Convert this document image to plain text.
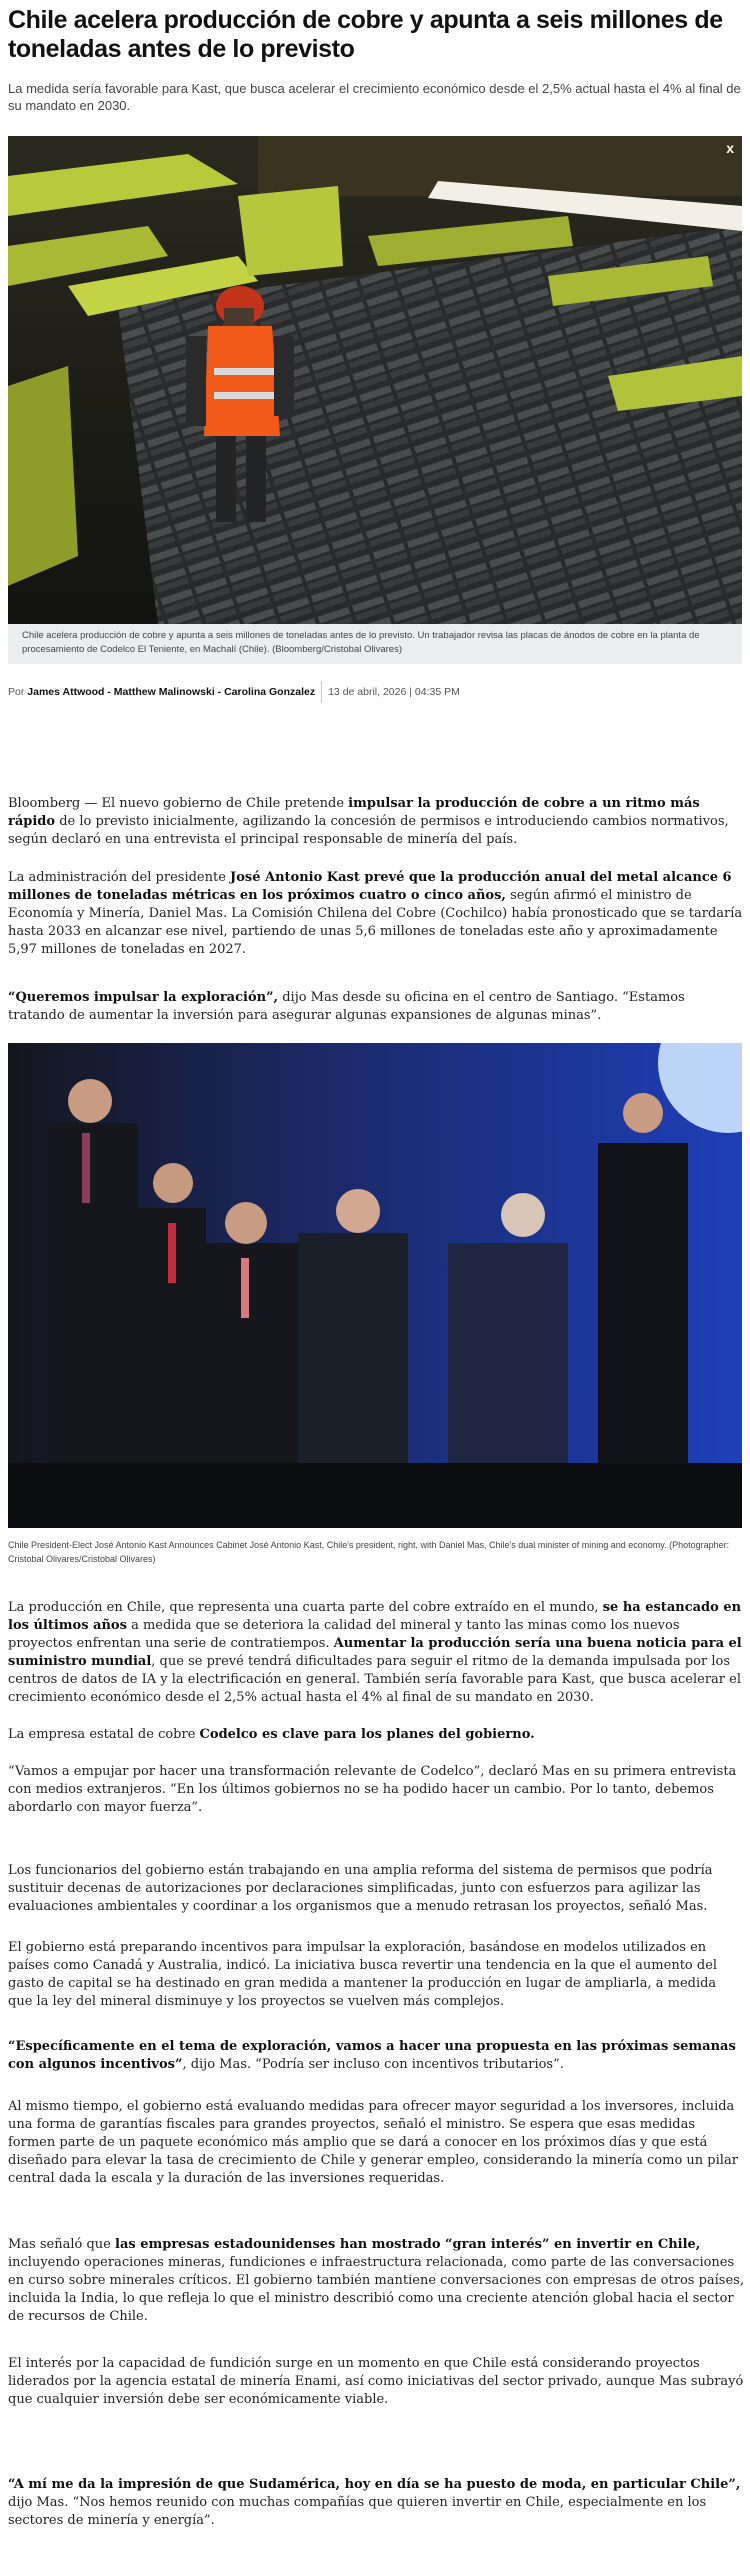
Chile acelera producción de cobre y apunta a seis millones de toneladas antes de lo previsto

La medida sería favorable para Kast, que busca acelerar el crecimiento económico desde el 2,5% actual hasta el 4% al final de su mandato en 2030.

x
Chile acelera producción de cobre y apunta a seis millones de toneladas antes de lo previsto. Un trabajador revisa las placas de ánodos de cobre en la planta de procesamiento de Codelco El Teniente, en Machalí (Chile). (Bloomberg/Cristobal Olivares)
Por
James Attwood - Matthew Malinowski - Carolina Gonzalez 13 de abril, 2026 | 04:35 PM

Bloomberg — El nuevo gobierno de Chile pretende impulsar la producción de cobre a un ritmo más rápido de lo previsto inicialmente, agilizando la concesión de permisos e introduciendo cambios normativos, según declaró en una entrevista el principal responsable de minería del país.

La administración del presidente José Antonio Kast prevé que la producción anual del metal alcance 6 millones de toneladas métricas en los próximos cuatro o cinco años, según afirmó el ministro de Economía y Minería, Daniel Mas. La Comisión Chilena del Cobre (Cochilco) había pronosticado que se tardaría hasta 2033 en alcanzar ese nivel, partiendo de unas 5,6 millones de toneladas este año y aproximadamente 5,97 millones de toneladas en 2027.

“Queremos impulsar la exploración”, dijo Mas desde su oficina en el centro de Santiago. “Estamos tratando de aumentar la inversión para asegurar algunas expansiones de algunas minas”.

Chile President-Elect José Antonio Kast Announces Cabinet José Antonio Kast, Chile's president, right, with Daniel Mas, Chile's dual minister of mining and economy. (Photographer: Cristobal Olivares/Cristobal Olivares)

La producción en Chile, que representa una cuarta parte del cobre extraído en el mundo, se ha estancado en los últimos años a medida que se deteriora la calidad del mineral y tanto las minas como los nuevos proyectos enfrentan una serie de contratiempos. Aumentar la producción sería una buena noticia para el suministro mundial, que se prevé tendrá dificultades para seguir el ritmo de la demanda impulsada por los centros de datos de IA y la electrificación en general. También sería favorable para Kast, que busca acelerar el crecimiento económico desde el 2,5% actual hasta el 4% al final de su mandato en 2030.

La empresa estatal de cobre Codelco es clave para los planes del gobierno.

“Vamos a empujar por hacer una transformación relevante de Codelco”, declaró Mas en su primera entrevista con medios extranjeros. “En los últimos gobiernos no se ha podido hacer un cambio. Por lo tanto, debemos abordarlo con mayor fuerza”.

Los funcionarios del gobierno están trabajando en una amplia reforma del sistema de permisos que podría sustituir decenas de autorizaciones por declaraciones simplificadas, junto con esfuerzos para agilizar las evaluaciones ambientales y coordinar a los organismos que a menudo retrasan los proyectos, señaló Mas.

El gobierno está preparando incentivos para impulsar la exploración, basándose en modelos utilizados en países como Canadá y Australia, indicó. La iniciativa busca revertir una tendencia en la que el aumento del gasto de capital se ha destinado en gran medida a mantener la producción en lugar de ampliarla, a medida que la ley del mineral disminuye y los proyectos se vuelven más complejos.

“Específicamente en el tema de exploración, vamos a hacer una propuesta en las próximas semanas con algunos incentivos”, dijo Mas. “Podría ser incluso con incentivos tributarios”.

Al mismo tiempo, el gobierno está evaluando medidas para ofrecer mayor seguridad a los inversores, incluida una forma de garantías fiscales para grandes proyectos, señaló el ministro. Se espera que esas medidas formen parte de un paquete económico más amplio que se dará a conocer en los próximos días y que está diseñado para elevar la tasa de crecimiento de Chile y generar empleo, considerando la minería como un pilar central dada la escala y la duración de las inversiones requeridas.

Mas señaló que las empresas estadounidenses han mostrado “gran interés” en invertir en Chile, incluyendo operaciones mineras, fundiciones e infraestructura relacionada, como parte de las conversaciones en curso sobre minerales críticos. El gobierno también mantiene conversaciones con empresas de otros países, incluida la India, lo que refleja lo que el ministro describió como una creciente atención global hacia el sector de recursos de Chile.

El interés por la capacidad de fundición surge en un momento en que Chile está considerando proyectos liderados por la agencia estatal de minería Enami, así como iniciativas del sector privado, aunque Mas subrayó que cualquier inversión debe ser económicamente viable.

“A mí me da la impresión de que Sudamérica, hoy en día se ha puesto de moda, en particular Chile”, dijo Mas. “Nos hemos reunido con muchas compañías que quieren invertir en Chile, especialmente en los sectores de minería y energía”.
